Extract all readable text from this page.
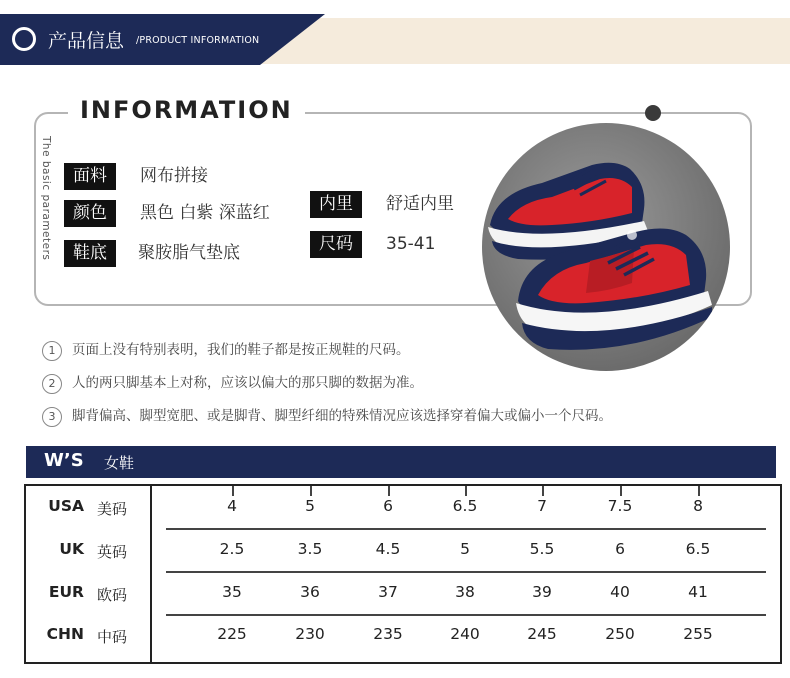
产品信息 /PRODUCT INFORMATION
INFORMATION
The basic parameters	面料	网布拼接
颜色	黑色 白紫 深蓝红
鞋底	聚胺脂气垫底
内里	舒适内里
尺码	35-41
1 页面上没有特别表明，我们的鞋子都是按正规鞋的尺码。
2 人的两只脚基本上对称，应该以偏大的那只脚的数据为准。
3 脚背偏高、脚型宽肥、或是脚背、脚型纤细的特殊情况应该选择穿着偏大或偏小一个尺码。
W’S 女鞋
USA 美码	4	5	6	6.5	7	7.5	8
UK 英码	2.5	3.5	4.5	5	5.5	6	6.5
EUR 欧码	35	36	37	38	39	40	41
CHN 中码	225	230	235	240	245	250	255
